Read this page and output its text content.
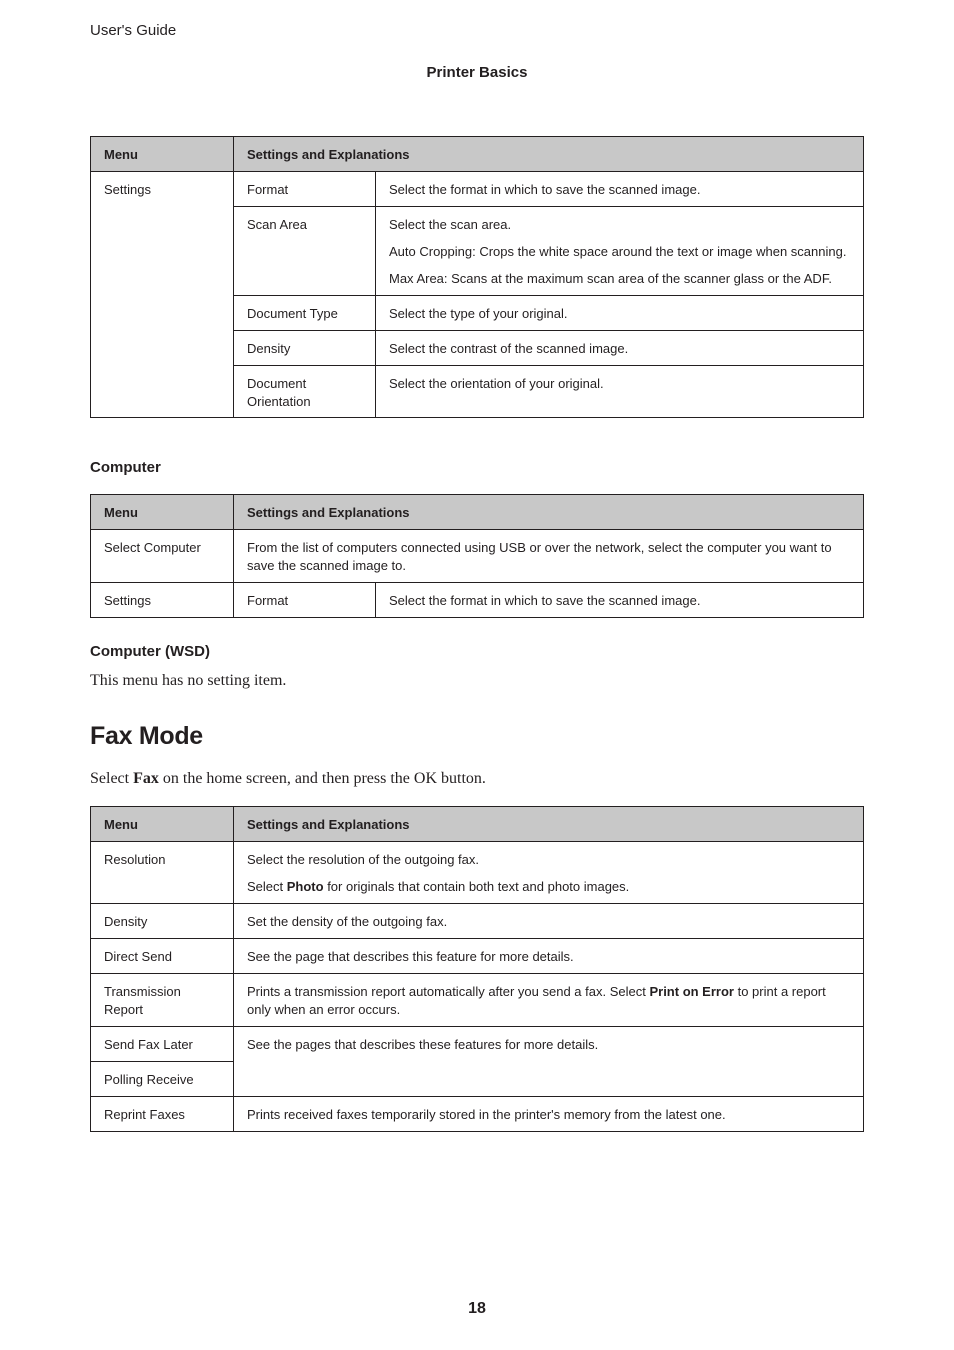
User's Guide
Printer Basics
Menu	Settings and Explanations	
Settings	Format	Select the format in which to save the scanned image.

	Scan Area	Select the scan area.

Auto Cropping: Crops the white space around the text or image when scanning.

Max Area: Scans at the maximum scan area of the scanner glass or the ADF.

	Document Type	Select the type of your original.

	Density	Select the contrast of the scanned image.

	Document Orientation	Select the orientation of your original.

Computer
Menu	Settings and Explanations	
Select Computer	From the list of computers connected using USB or over the network, select the computer you want to save the scanned image to.	
Settings	Format	Select the format in which to save the scanned image.
Computer (WSD)
This menu has no setting item.
Fax Mode
Select Fax on the home screen, and then press the OK button.
Menu	Settings and Explanations
Resolution	Select the resolution of the outgoing fax.

Select Photo for originals that contain both text and photo images.

Density	Set the density of the outgoing fax.
Direct Send	See the page that describes this feature for more details.
Transmission Report	Prints a transmission report automatically after you send a fax. Select Print on Error to print a report only when an error occurs.
Send Fax Later	See the pages that describes these features for more details.
Polling Receive	
Reprint Faxes	Prints received faxes temporarily stored in the printer's memory from the latest one.
18
